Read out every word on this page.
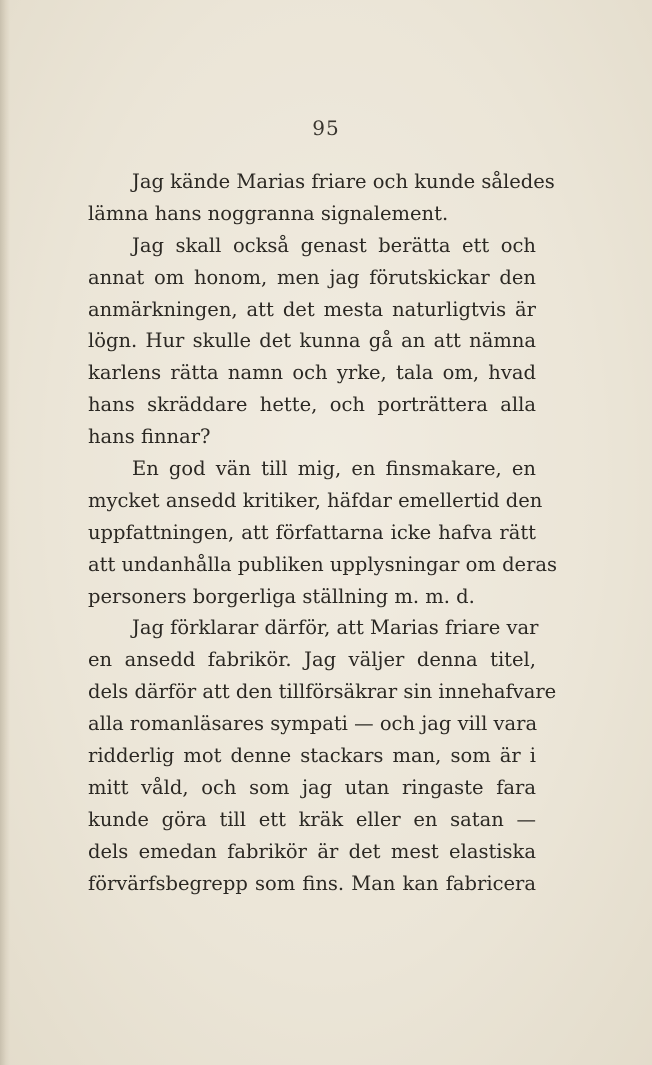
95
Jag kände Marias friare och kunde således
lämna hans noggranna signalement.
Jag skall också genast berätta ett och
annat om honom, men jag förutskickar den
anmärkningen, att det mesta naturligtvis är
lögn. Hur skulle det kunna gå an att nämna
karlens rätta namn och yrke, tala om, hvad
hans skräddare hette, och porträttera alla
hans finnar?
En god vän till mig, en finsmakare, en
mycket ansedd kritiker, häfdar emellertid den
uppfattningen, att författarna icke hafva rätt
att undanhålla publiken upplysningar om deras
personers borgerliga ställning m. m. d.
Jag förklarar därför, att Marias friare var
en ansedd fabrikör. Jag väljer denna titel,
dels därför att den tillförsäkrar sin innehafvare
alla romanläsares sympati — och jag vill vara
ridderlig mot denne stackars man, som är i
mitt våld, och som jag utan ringaste fara
kunde göra till ett kräk eller en satan —
dels emedan fabrikör är det mest elastiska
förvärfsbegrepp som fins. Man kan fabricera
